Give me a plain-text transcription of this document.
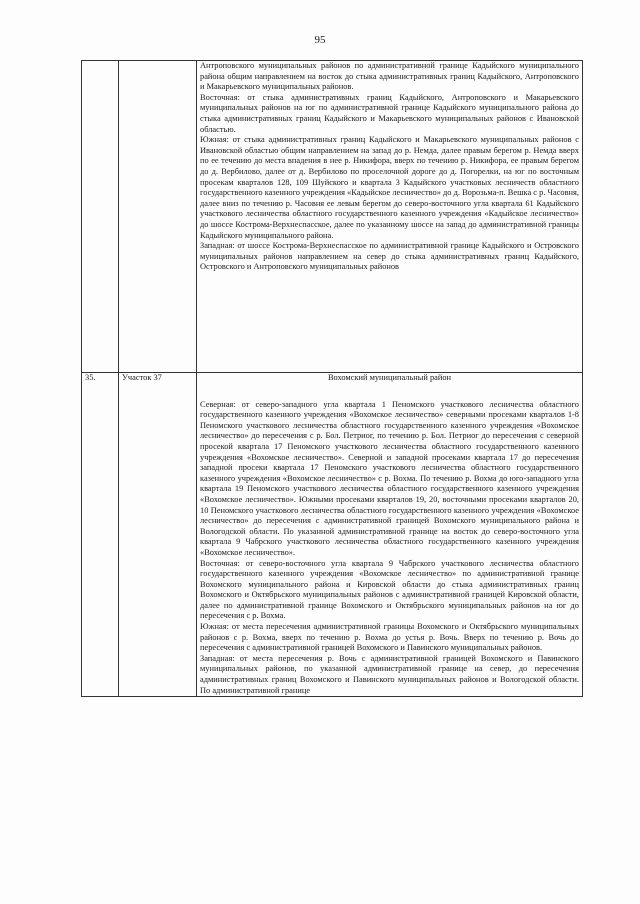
95

		Антроповского муниципальных районов по административной границе Кадыйского муниципального района общим направлением на восток до стыка административных границ Кадыйского, Антроповского и Макарьевского муниципальных районов.

Восточная: от стыка административных границ Кадыйского, Антроповского и Макарьевского муниципальных районов на юг по административной границе Кадыйского муниципального района до стыка административных границ Кадыйского и Макарьевского муниципальных районов с Ивановской областью.

Южная: от стыка административных границ Кадыйского и Макарьевского муниципальных районов с Ивановской областью общим направлением на запад до р. Немда, далее правым берегом р. Немда вверх по ее течению до места впадения в нее р. Никифора, вверх по течению р. Никифора, ее правым берегом до д. Вербилово, далее от д. Вербилово по проселочной дороге до д. Погорелки, на юг по восточным просекам кварталов 128, 109 Шуйского и квартала 3 Кадыйского участковых лесничеств областного государственного казенного учреждения «Кадыйское лесничество» до д. Ворозьма-п. Вешка с р. Часовня, далее вниз по течению р. Часовня ее левым берегом до северо-восточного угла квартала 61 Кадыйского участкового лесничества областного государственного казенного учреждения «Кадыйское лесничество» до шоссе Кострома-Верхнеспасское, далее по указанному шоссе на запад до административной границы Кадыйского муниципального района.

Западная: от шоссе Кострома-Верхнеспасское по административной границе Кадыйского и Островского муниципальных районов направлением на север до стыка административных границ Кадыйского, Островского и Антроповского муниципальных районов

35.	Участок 37	Вохомский муниципальный район

Северная: от северо-западного угла квартала 1 Пеномского участкового лесничества областного государственного казенного учреждения «Вохомское лесничество» северными просеками кварталов 1-8 Пеномского участкового лесничества областного государственного казенного учреждения «Вохомское лесничество» до пересечения с р. Бол. Петриог, по течению р. Бол. Петриог до пересечения с северной просекой квартала 17 Пеномского участкового лесничества областного государственного казенного учреждения «Вохомское лесничество». Северной и западной просеками квартала 17 до пересечения западной просеки квартала 17 Пеномского участкового лесничества областного государственного казенного учреждения «Вохомское лесничество» с р. Вохма. По течению р. Вохма до юго-западного угла квартала 19 Пеномского участкового лесничества областного государственного казенного учреждения «Вохомское лесничество». Южными просеками кварталов 19, 20, восточными просеками кварталов 20, 10 Пеномского участкового лесничества областного государственного казенного учреждения «Вохомское лесничество» до пересечения с административной границей Вохомского муниципального района и Вологодской области. По указанной административной границе на восток до северо-восточного угла квартала 9 Чабрского участкового лесничества областного государственного казенного учреждения «Вохомское лесничество».

Восточная: от северо-восточного угла квартала 9 Чабрского участкового лесничества областного государственного казенного учреждения «Вохомское лесничество» по административной границе Вохомского муниципального района и Кировской области до стыка административных границ Вохомского и Октябрьского муниципальных районов с административной границей Кировской области, далее по административной границе Вохомского и Октябрьского муниципальных районов на юг до пересечения с р. Вохма.

Южная: от места пересечения административной границы Вохомского и Октябрьского муниципальных районов с р. Вохма, вверх по течению р. Вохма до устья р. Вочь. Вверх по течению р. Вочь до пересечения с административной границей Вохомского и Павинского муниципальных районов.

Западная: от места пересечения р. Вочь с административной границей Вохомского и Павинского муниципальных районов, по указанной административной границе на север, до пересечения административных границ Вохомского и Павинского муниципальных районов и Вологодской области. По административной границе
